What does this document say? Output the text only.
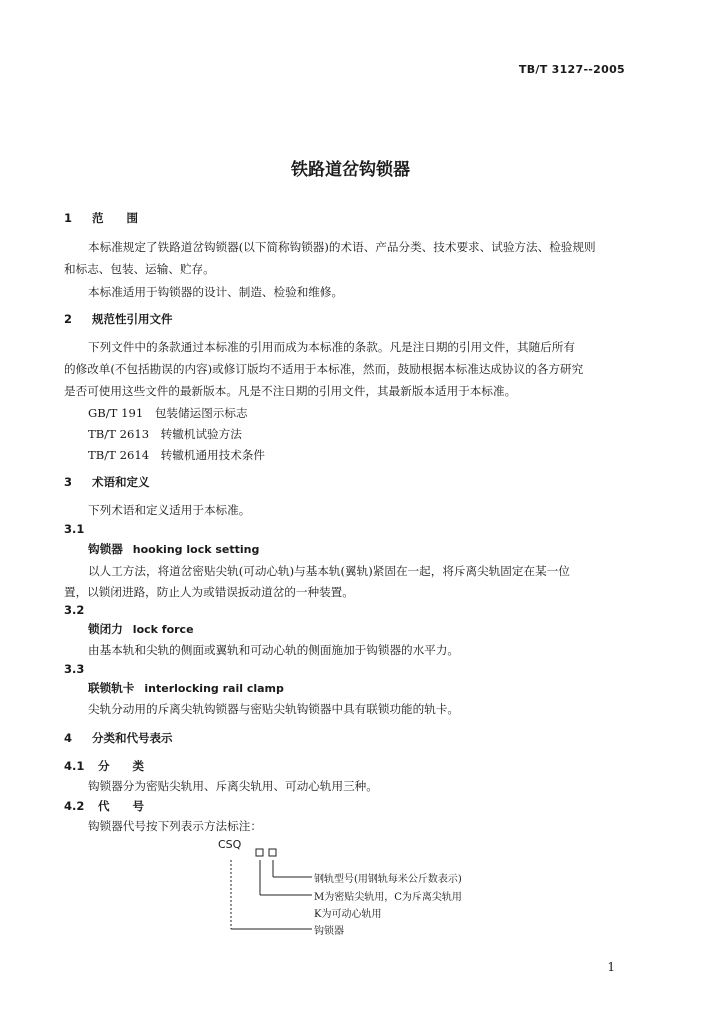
TB/T 3127--2005
铁路道岔钩锁器
1 范　　围
本标准规定了铁路道岔钩锁器(以下简称钩锁器)的术语、产品分类、技术要求、试验方法、检验规则
和标志、包装、运输、贮存。
本标准适用于钩锁器的设计、制造、检验和维修。
2 规范性引用文件
下列文件中的条款通过本标准的引用而成为本标准的条款。凡是注日期的引用文件，其随后所有
的修改单(不包括勘误的内容)或修订版均不适用于本标准，然而，鼓励根据本标准达成协议的各方研究
是否可使用这些文件的最新版本。凡是不注日期的引用文件，其最新版本适用于本标准。
GB/T 191　包装储运图示标志
TB/T 2613　转辙机试验方法
TB/T 2614　转辙机通用技术条件
3 术语和定义
下列术语和定义适用于本标准。
3.1
钩锁器 hooking lock setting
以人工方法，将道岔密贴尖轨(可动心轨)与基本轨(翼轨)紧固在一起，将斥离尖轨固定在某一位
置，以锁闭进路，防止人为或错误扳动道岔的一种装置。
3.2
锁闭力 lock force
由基本轨和尖轨的侧面或翼轨和可动心轨的侧面施加于钩锁器的水平力。
3.3
联锁轨卡 interlocking rail clamp
尖轨分动用的斥离尖轨钩锁器与密贴尖轨钩锁器中具有联锁功能的轨卡。
4 分类和代号表示
4.1 分　　类
钩锁器分为密贴尖轨用、斥离尖轨用、可动心轨用三种。
4.2 代　　号
钩锁器代号按下列表示方法标注：
CSQ
钢轨型号(用钢轨每米公斤数表示)
M为密贴尖轨用，C为斥离尖轨用
K为可动心轨用
钩锁器
1
